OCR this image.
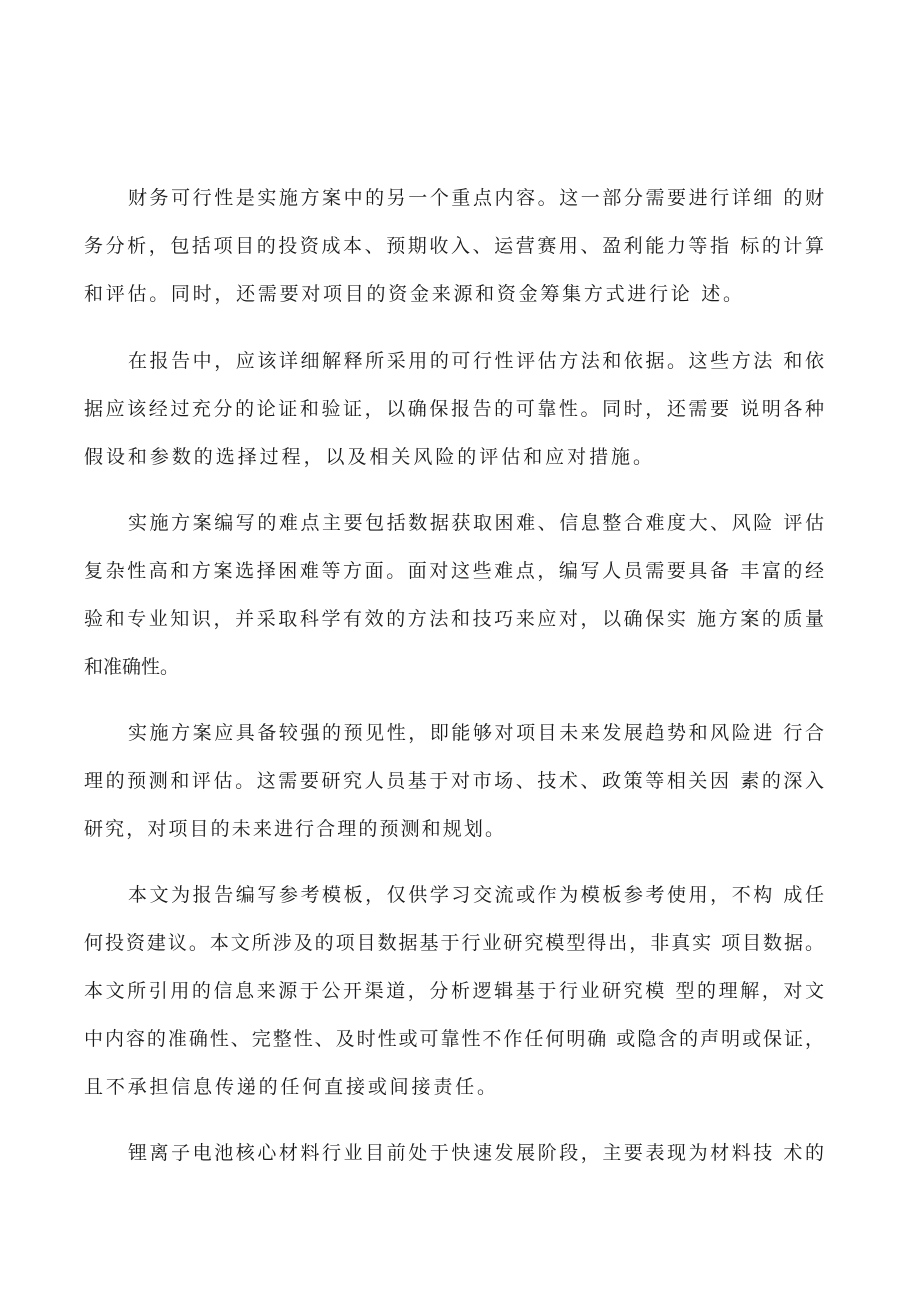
财务可行性是实施方案中的另一个重点内容。这一部分需要进行详细 的财
务分析，包括项目的投资成本、预期收入、运营赛用、盈利能力等指 标的计算
和评估。同时，还需要对项目的资金来源和资金筹集方式进行论 述。
在报告中，应该详细解释所采用的可行性评估方法和依据。这些方法 和依
据应该经过充分的论证和验证，以确保报告的可靠性。同时，还需要 说明各种
假设和参数的选择过程，以及相关风险的评估和应对措施。
实施方案编写的难点主要包括数据获取困难、信息整合难度大、风险 评估
复杂性高和方案选择困难等方面。面对这些难点，编写人员需要具备 丰富的经
验和专业知识，并采取科学有效的方法和技巧来应对，以确保实 施方案的质量
和准确性。
实施方案应具备较强的预见性，即能够对项目未来发展趋势和风险进 行合
理的预测和评估。这需要研究人员基于对市场、技术、政策等相关因 素的深入
研究，对项目的未来进行合理的预测和规划。
本文为报告编写参考模板，仅供学习交流或作为模板参考使用，不构 成任
何投资建议。本文所涉及的项目数据基于行业研究模型得出，非真实 项目数据。
本文所引用的信息来源于公开渠道，分析逻辑基于行业研究模 型的理解，对文
中内容的准确性、完整性、及时性或可靠性不作任何明确 或隐含的声明或保证，
且不承担信息传递的任何直接或间接责任。
锂离子电池核心材料行业目前处于快速发展阶段，主要表现为材料技 术的
